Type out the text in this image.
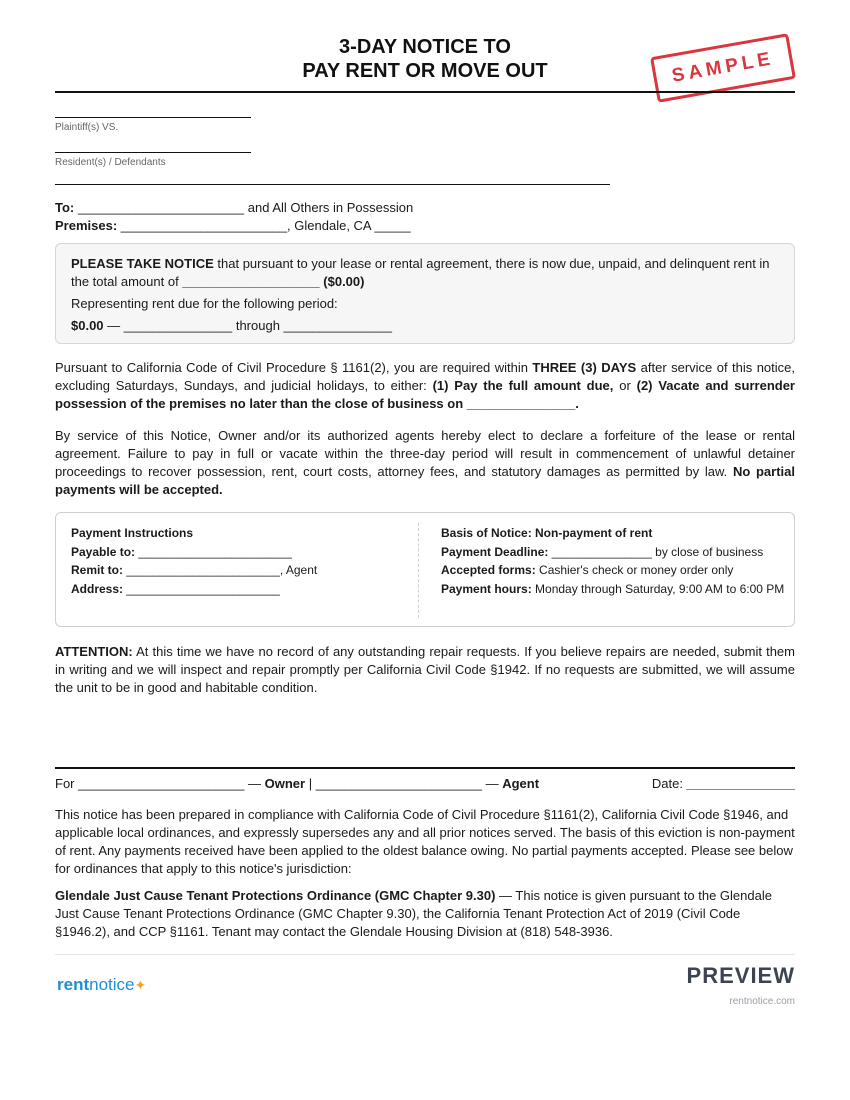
3-DAY NOTICE TO
PAY RENT OR MOVE OUT	SAMPLE
Plaintiff(s) VS.
Resident(s) / Defendants
To: _______________________ and All Others in Possession
Premises: _______________________, Glendale, CA _____

PLEASE TAKE NOTICE that pursuant to your lease or rental agreement, there is now due, unpaid, and delinquent rent in the total amount of ___________________ ($0.00)

Representing rent due for the following period:

$0.00 — _______________ through _______________

Pursuant to California Code of Civil Procedure § 1161(2), you are required within THREE (3) DAYS after service of this notice, excluding Saturdays, Sundays, and judicial holidays, to either: (1) Pay the full amount due, or (2) Vacate and surrender possession of the premises no later than the close of business on _______________.
By service of this Notice, Owner and/or its authorized agents hereby elect to declare a forfeiture of the lease or rental agreement. Failure to pay in full or vacate within the three-day period will result in commencement of unlawful detainer proceedings to recover possession, rent, court costs, attorney fees, and statutory damages as permitted by law. No partial payments will be accepted.
Payment Instructions
Payable to: _______________________
Remit to: _______________________, Agent
Address: _______________________
Basis of Notice: Non-payment of rent
Payment Deadline: _______________ by close of business
Accepted forms: Cashier's check or money order only
Payment hours: Monday through Saturday, 9:00 AM to 6:00 PM
ATTENTION: At this time we have no record of any outstanding repair requests. If you believe repairs are needed, submit them in writing and we will inspect and repair promptly per California Civil Code §1942. If no requests are submitted, we will assume the unit to be in good and habitable condition.
For _______________________ — Owner | _______________________ — Agent	Date: _______________
This notice has been prepared in compliance with California Code of Civil Procedure §1161(2), California Civil Code §1946, and applicable local ordinances, and expressly supersedes any and all prior notices served. The basis of this eviction is non-payment of rent. Any payments received have been applied to the oldest balance owing. No partial payments accepted. Please see below for ordinances that apply to this notice's jurisdiction:
Glendale Just Cause Tenant Protections Ordinance (GMC Chapter 9.30) — This notice is given pursuant to the Glendale Just Cause Tenant Protections Ordinance (GMC Chapter 9.30), the California Tenant Protection Act of 2019 (Civil Code §1946.2), and CCP §1161. Tenant may contact the Glendale Housing Division at (818) 548-3936.
rentnotice✦	PREVIEW
rentnotice.com
